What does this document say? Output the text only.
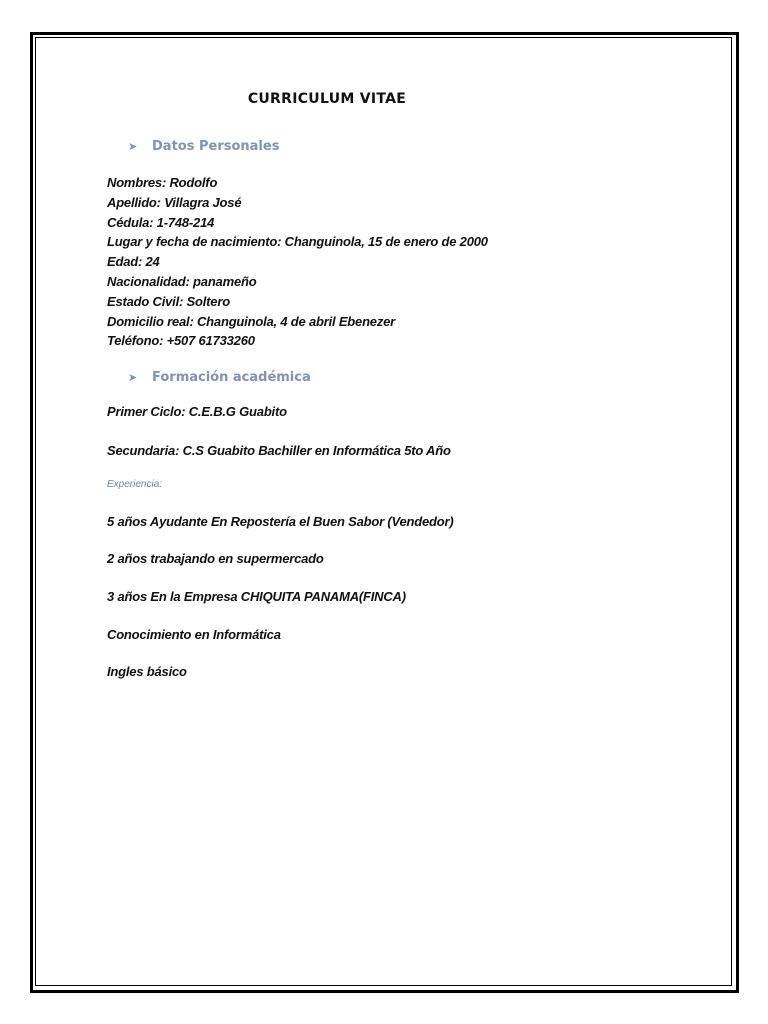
CURRICULUM VITAE
➤	Datos Personales
Nombres: Rodolfo
Apellido: Villagra José
Cédula: 1-748-214
Lugar y fecha de nacimiento: Changuinola, 15 de enero de 2000
Edad: 24
Nacionalidad: panameño
Estado Civil: Soltero
Domicilio real: Changuinola, 4 de abril Ebenezer
Teléfono: +507 61733260
➤	Formación académica
Primer Ciclo: C.E.B.G Guabito
Secundaria: C.S Guabito Bachiller en Informática 5to Año
Experiencia:
5 años Ayudante En Repostería el Buen Sabor (Vendedor)
2 años trabajando en supermercado
3 años En la Empresa CHIQUITA PANAMA(FINCA)
Conocimiento en Informática
Ingles básico
